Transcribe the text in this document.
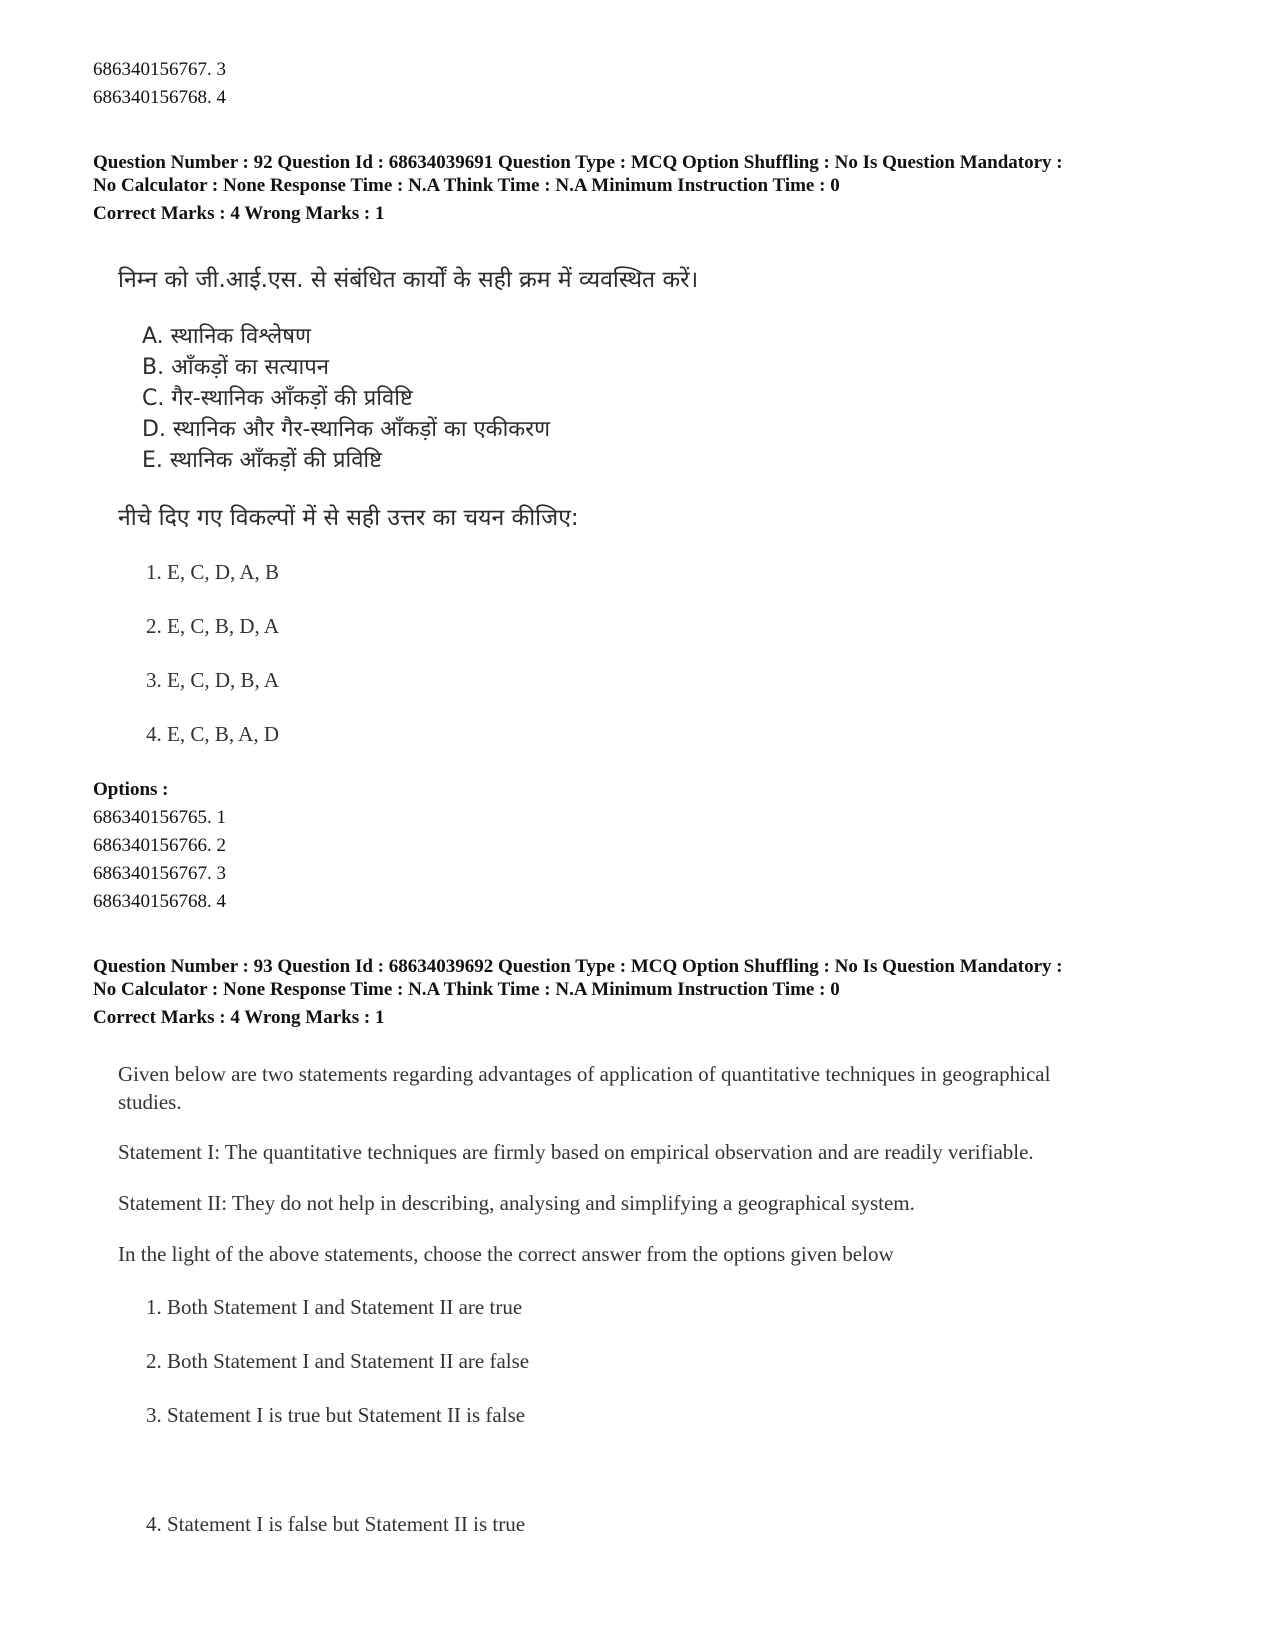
686340156767. 3
686340156768. 4
Question Number : 92 Question Id : 68634039691 Question Type : MCQ Option Shuffling : No Is Question Mandatory :
No Calculator : None Response Time : N.A Think Time : N.A Minimum Instruction Time : 0
Correct Marks : 4 Wrong Marks : 1
निम्न को जी.आई.एस. से संबंधित कार्यों के सही क्रम में व्यवस्थित करें।
A. स्थानिक विश्लेषण
B. आँकड़ों का सत्यापन
C. गैर-स्थानिक आँकड़ों की प्रविष्टि
D. स्थानिक और गैर-स्थानिक आँकड़ों का एकीकरण
E. स्थानिक आँकड़ों की प्रविष्टि
नीचे दिए गए विकल्पों में से सही उत्तर का चयन कीजिए:
1. E, C, D, A, B
2. E, C, B, D, A
3. E, C, D, B, A
4. E, C, B, A, D
Options :
686340156765. 1
686340156766. 2
686340156767. 3
686340156768. 4
Question Number : 93 Question Id : 68634039692 Question Type : MCQ Option Shuffling : No Is Question Mandatory :
No Calculator : None Response Time : N.A Think Time : N.A Minimum Instruction Time : 0
Correct Marks : 4 Wrong Marks : 1
Given below are two statements regarding advantages of application of quantitative techniques in geographical
studies.
Statement I: The quantitative techniques are firmly based on empirical observation and are readily verifiable.
Statement II: They do not help in describing, analysing and simplifying a geographical system.
In the light of the above statements, choose the correct answer from the options given below
1. Both Statement I and Statement II are true
2. Both Statement I and Statement II are false
3. Statement I is true but Statement II is false
4. Statement I is false but Statement II is true
